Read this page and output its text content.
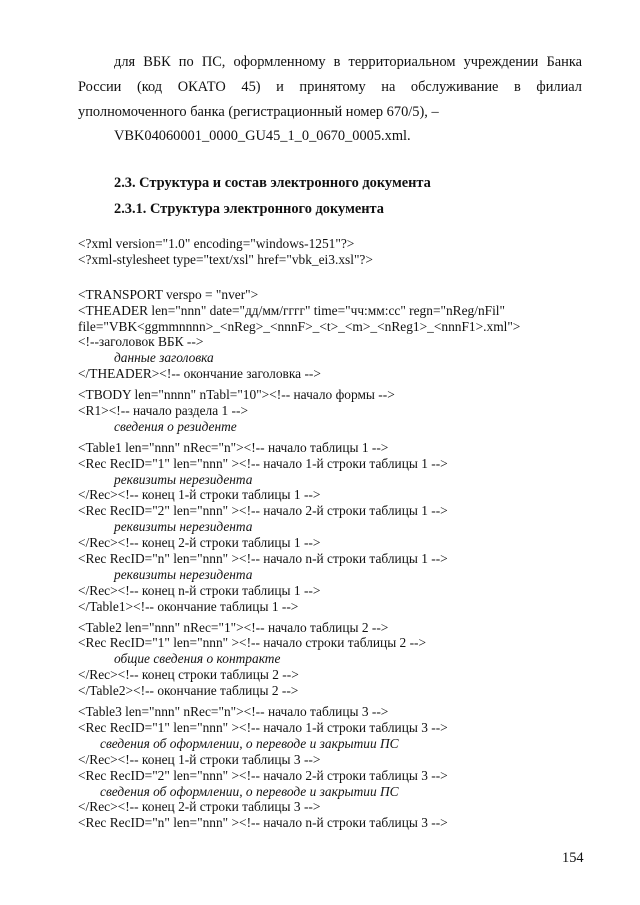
для ВБК по ПС, оформленному в территориальном учреждении Банка России (код ОКАТО 45) и принятому на обслуживание в филиал уполномоченного банка (регистрационный номер 670/5), –
VBK04060001_0000_GU45_1_0_0670_0005.xml.
2.3. Структура и состав электронного документа
2.3.1. Структура электронного документа
<?xml version="1.0" encoding="windows-1251"?>
<?xml-stylesheet type="text/xsl" href="vbk_ei3.xsl"?>
<TRANSPORT verspo = "nver">
<THEADER len="nnn" date="дд/мм/гггг" time="чч:мм:сс" regn="nReg/nFil"
file="VBK<ggmmnnnn>_<nReg>_<nnnF>_<t>_<m>_<nReg1>_<nnnF1>.xml">
<!--заголовок ВБК -->
данные заголовка
</THEADER><!-- окончание заголовка -->
<TBODY len="nnnn" nTabl="10"><!-- начало формы -->
<R1><!-- начало раздела 1 -->
сведения о резиденте
<Table1 len="nnn" nRec="n"><!-- начало таблицы 1 -->
<Rec RecID="1" len="nnn" ><!-- начало 1-й строки таблицы 1 -->
реквизиты нерезидента
</Rec><!-- конец 1-й строки таблицы 1 -->
<Rec RecID="2" len="nnn" ><!-- начало 2-й строки таблицы 1 -->
реквизиты нерезидента
</Rec><!-- конец 2-й строки таблицы 1 -->
<Rec RecID="n" len="nnn" ><!-- начало n-й строки таблицы 1 -->
реквизиты нерезидента
</Rec><!-- конец n-й строки таблицы 1 -->
</Table1><!-- окончание таблицы 1 -->
<Table2 len="nnn" nRec="1"><!-- начало таблицы 2 -->
<Rec RecID="1" len="nnn" ><!-- начало строки таблицы 2 -->
общие сведения о контракте
</Rec><!-- конец строки таблицы 2 -->
</Table2><!-- окончание таблицы 2 -->
<Table3 len="nnn" nRec="n"><!-- начало таблицы 3 -->
<Rec RecID="1" len="nnn" ><!-- начало 1-й строки таблицы 3 -->
сведения об оформлении, о переводе и закрытии ПС
</Rec><!-- конец 1-й строки таблицы 3 -->
<Rec RecID="2" len="nnn" ><!-- начало 2-й строки таблицы 3 -->
сведения об оформлении, о переводе и закрытии ПС
</Rec><!-- конец 2-й строки таблицы 3 -->
<Rec RecID="n" len="nnn" ><!-- начало n-й строки таблицы 3 -->
154
